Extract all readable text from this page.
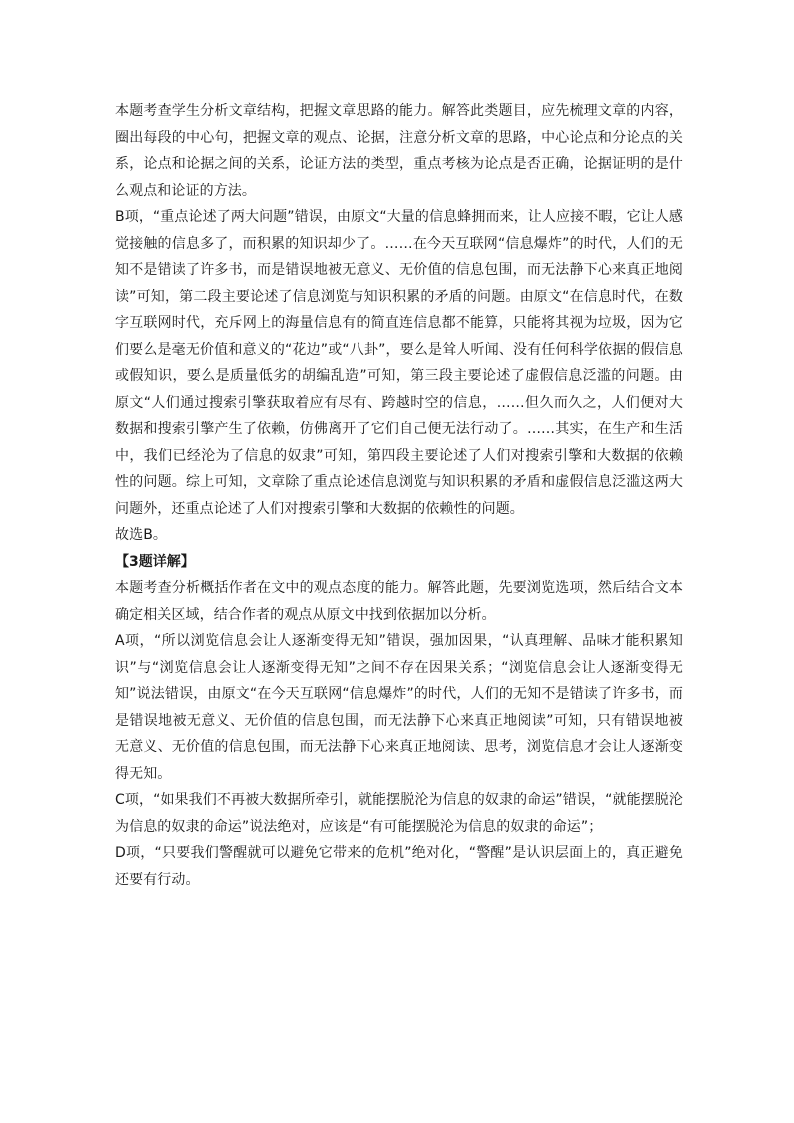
本题考查学生分析文章结构，把握文章思路的能力。解答此类题目，应先梳理文章的内容，圈出每段的中心句，把握文章的观点、论据，注意分析文章的思路，中心论点和分论点的关系，论点和论据之间的关系，论证方法的类型，重点考核为论点是否正确，论据证明的是什么观点和论证的方法。

B项，“重点论述了两大问题”错误，由原文“大量的信息蜂拥而来，让人应接不暇，它让人感觉接触的信息多了，而积累的知识却少了。……在今天互联网“信息爆炸”的时代，人们的无知不是错读了许多书，而是错误地被无意义、无价值的信息包围，而无法静下心来真正地阅读”可知，第二段主要论述了信息浏览与知识积累的矛盾的问题。由原文“在信息时代，在数字互联网时代，充斥网上的海量信息有的简直连信息都不能算，只能将其视为垃圾，因为它们要么是毫无价值和意义的“花边”或“八卦”，要么是耸人听闻、没有任何科学依据的假信息或假知识，要么是质量低劣的胡编乱造”可知，第三段主要论述了虚假信息泛滥的问题。由原文“人们通过搜索引擎获取着应有尽有、跨越时空的信息，……但久而久之，人们便对大数据和搜索引擎产生了依赖，仿佛离开了它们自己便无法行动了。……其实，在生产和生活中，我们已经沦为了信息的奴隶”可知，第四段主要论述了人们对搜索引擎和大数据的依赖性的问题。综上可知，文章除了重点论述信息浏览与知识积累的矛盾和虚假信息泛滥这两大问题外，还重点论述了人们对搜索引擎和大数据的依赖性的问题。

故选B。

【3题详解】

本题考查分析概括作者在文中的观点态度的能力。解答此题，先要浏览选项，然后结合文本确定相关区域，结合作者的观点从原文中找到依据加以分析。

A项，“所以浏览信息会让人逐渐变得无知”错误，强加因果，“认真理解、品味才能积累知识”与“浏览信息会让人逐渐变得无知”之间不存在因果关系；“浏览信息会让人逐渐变得无知”说法错误，由原文“在今天互联网“信息爆炸”的时代，人们的无知不是错读了许多书，而是错误地被无意义、无价值的信息包围，而无法静下心来真正地阅读”可知，只有错误地被无意义、无价值的信息包围，而无法静下心来真正地阅读、思考，浏览信息才会让人逐渐变得无知。

C项，“如果我们不再被大数据所牵引，就能摆脱沦为信息的奴隶的命运”错误，“就能摆脱沦为信息的奴隶的命运”说法绝对，应该是“有可能摆脱沦为信息的奴隶的命运”；

D项，“只要我们警醒就可以避免它带来的危机”绝对化，“警醒”是认识层面上的，真正避免还要有行动。
